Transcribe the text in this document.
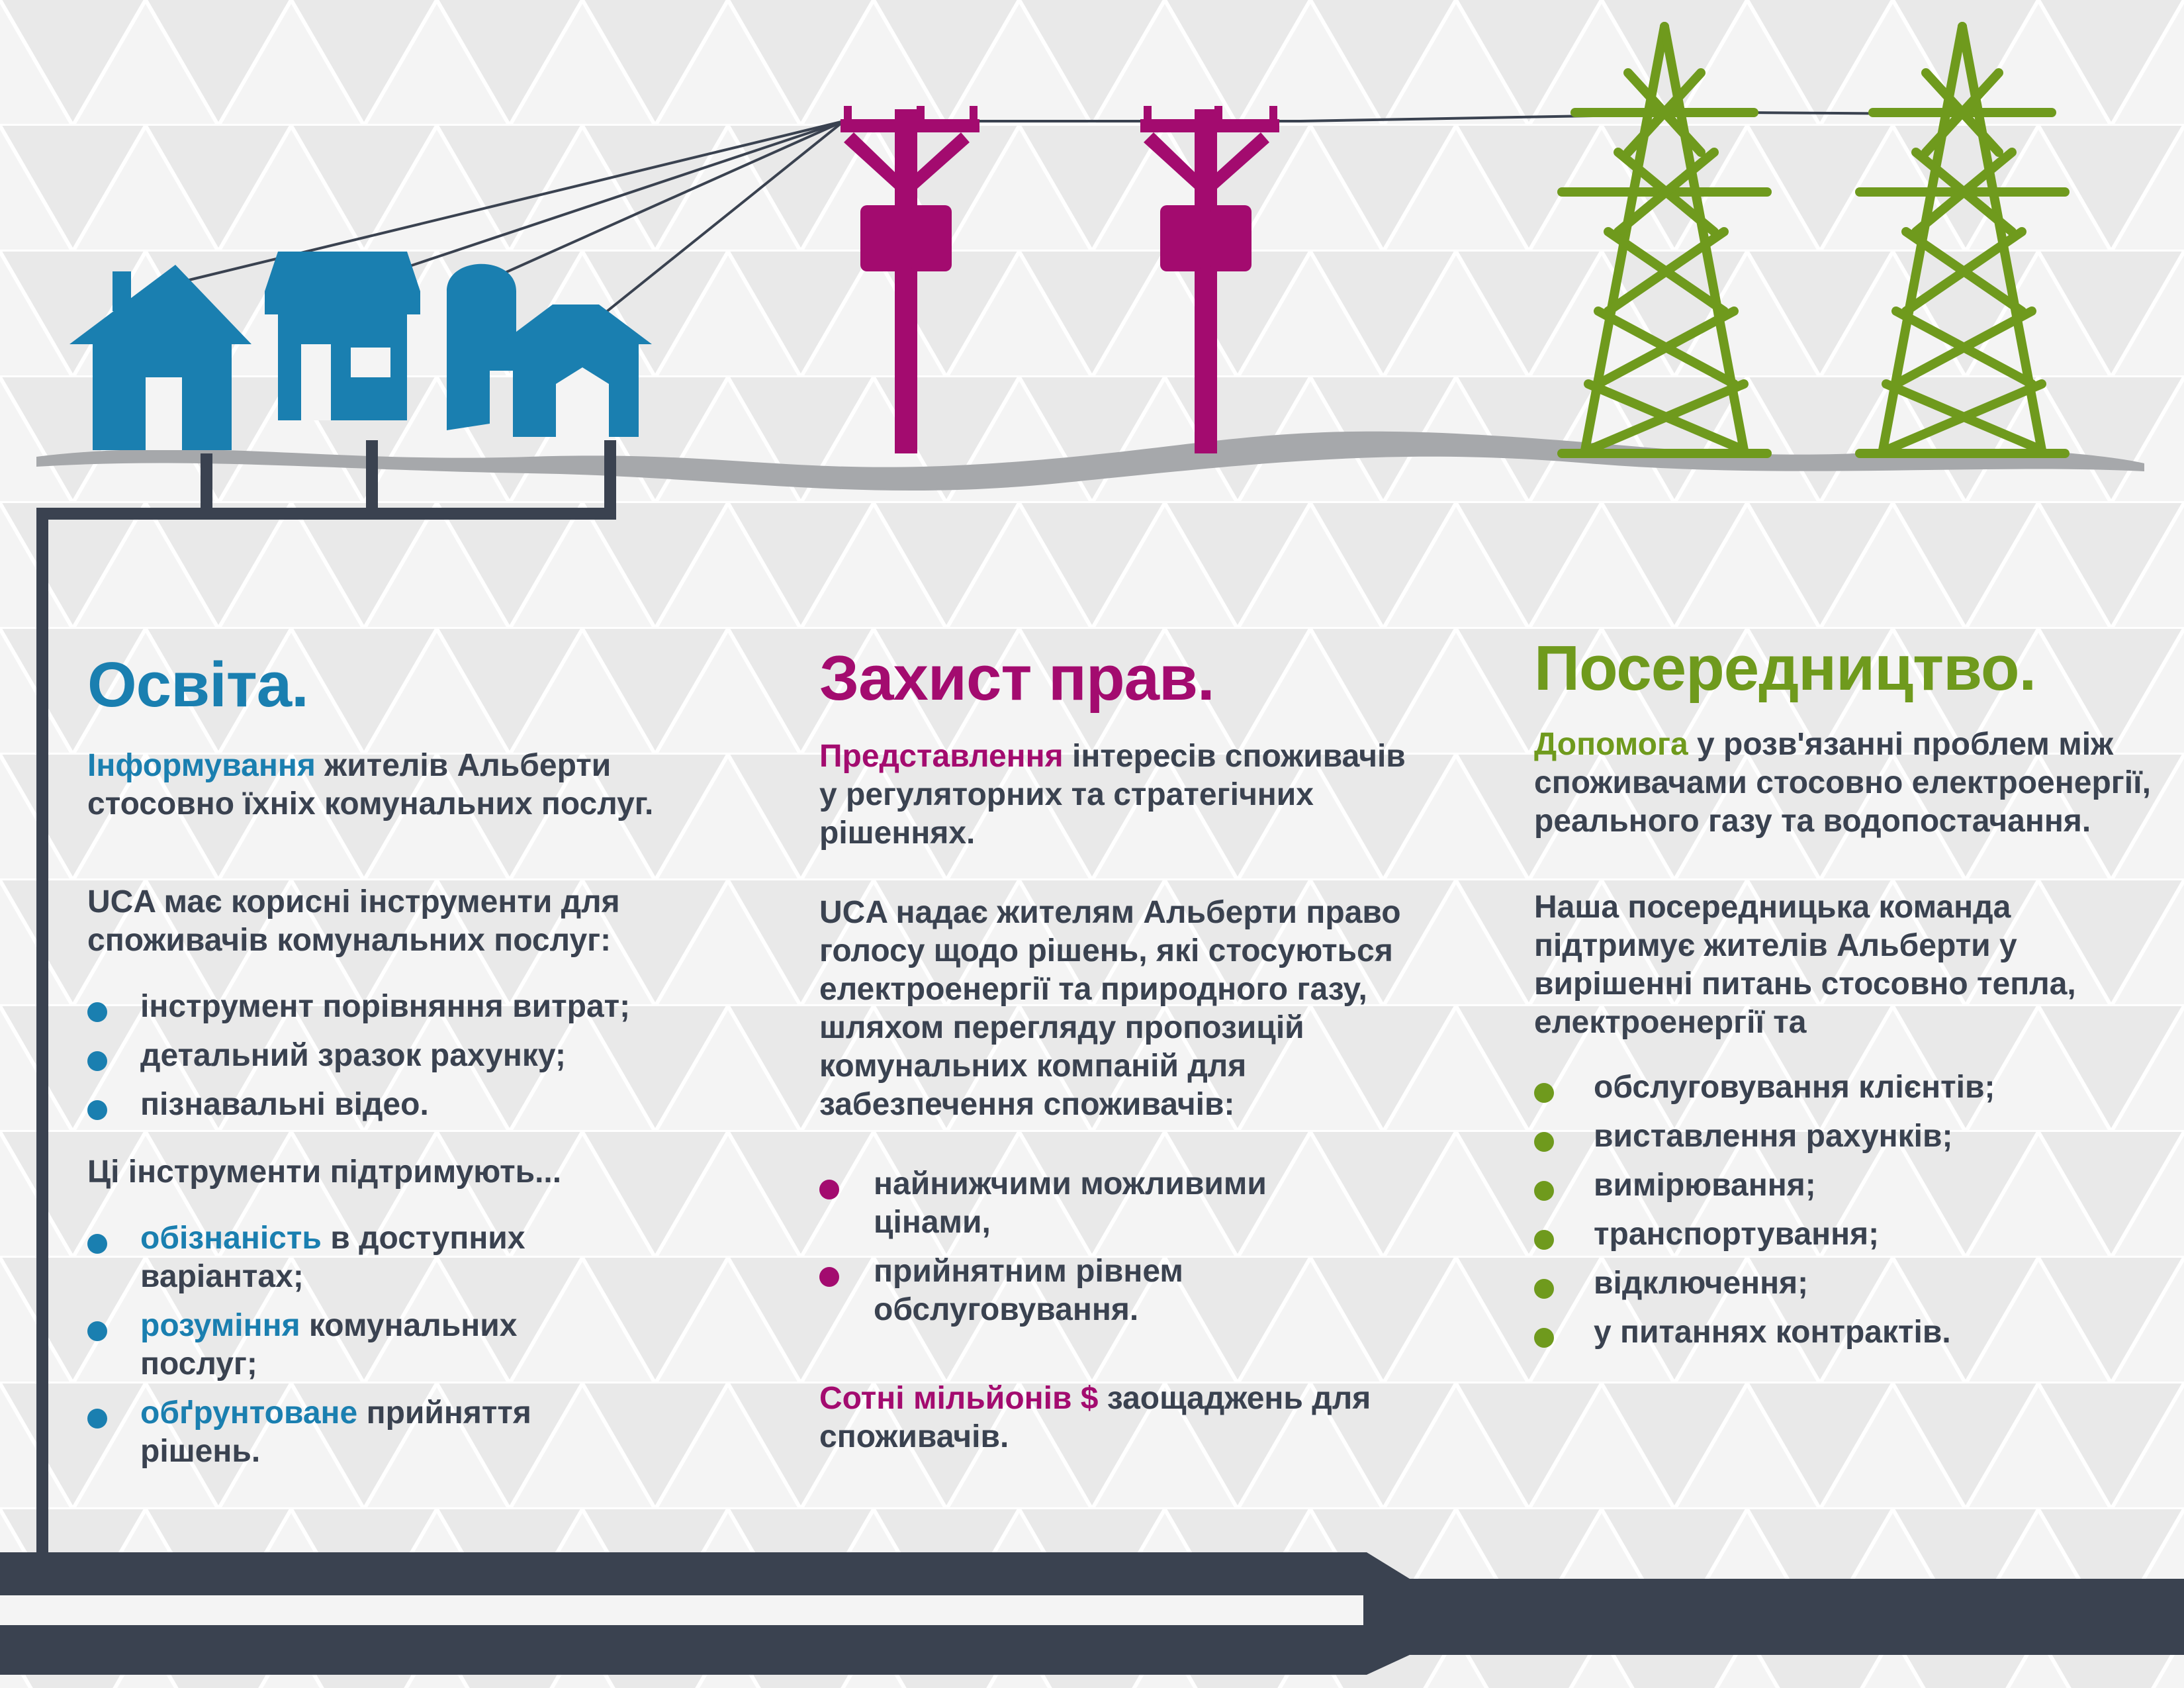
Освіта.

Інформування жителів Альберти стосовно їхніх комунальних послуг.

UCA має корисні інструменти для споживачів комунальних послуг:

інструмент порівняння витрат;
детальний зразок рахунку;
пізнавальні відео.

Ці інструменти підтримують...

обізнаність в доступних варіантах;
розуміння комунальних послуг;
обґрунтоване прийняття рішень.
Захист прав.

Представлення інтересів споживачів у регуляторних та стратегічних рішеннях.

UCA надає жителям Альберти право голосу щодо рішень, які стосуються електроенергії та природного газу, шляхом перегляду пропозицій комунальних компаній для забезпечення споживачів:

найнижчими можливими цінами,
прийнятним рівнем обслуговування.

Сотні мільйонів $ заощаджень для споживачів.

Посередництво.

Допомога у розв'язанні проблем між споживачами стосовно електроенергії, реального газу та водопостачання.

Наша посередницька команда підтримує жителів Альберти у вирішенні питань стосовно тепла, електроенергії та

обслуговування клієнтів;
виставлення рахунків;
вимірювання;
транспортування;
відключення;
у питаннях контрактів.
